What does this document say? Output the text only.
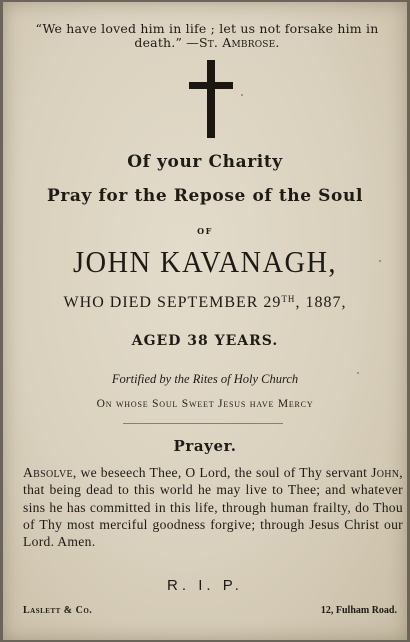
“We have loved him in life ; let us not forsake him in death.” —St. Ambrose.
Of your Charity
Pray for the Repose of the Soul
OF
JOHN KAVANAGH,
WHO DIED SEPTEMBER 29TH, 1887,
AGED 38 YEARS.
Fortified by the Rites of Holy Church
On whose Soul Sweet Jesus have Mercy
Prayer.
Absolve, we beseech Thee, O Lord, the soul of Thy servant John, that being dead to this world he may live to Thee; and whatever sins he has committed in this life, through human frailty, do Thou of Thy most merciful goodness forgive; through Jesus Christ our Lord. Amen.
R. I. P.
Laslett & Co.	12, Fulham Road.
